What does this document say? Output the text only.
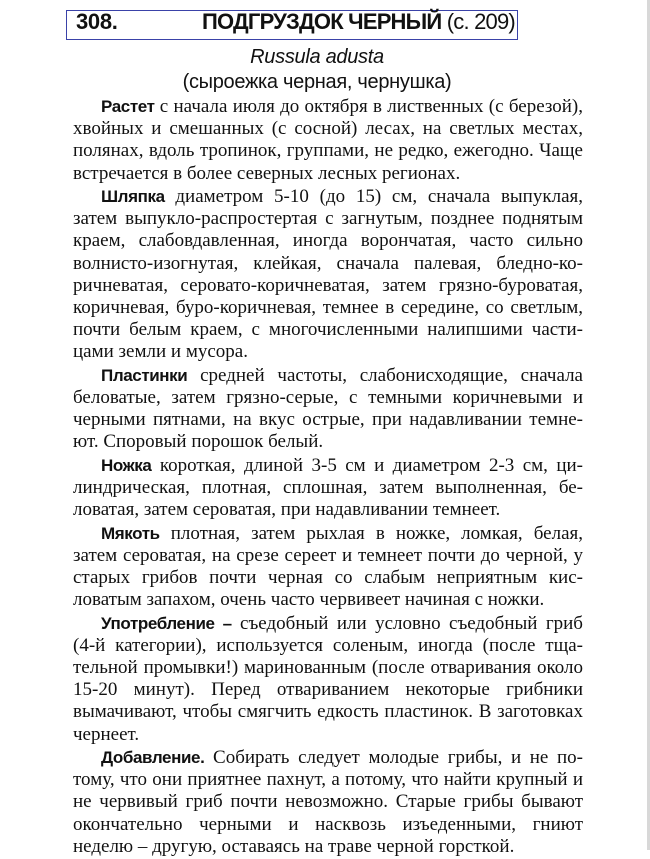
308.	ПОДГРУЗДОК ЧЕРНЫЙ (с. 209)
Russula adusta
(сыроежка черная, чернушка)

Растет с начала июля до октября в лиственных (с березой), хвойных и смешанных (с сосной) лесах, на светлых местах, полянах, вдоль тропинок, группами, не редко, ежегодно. Чаще встречается в более северных лесных регионах.

Шляпка диаметром 5-10 (до 15) см, сначала выпуклая, затем выпукло-распростертая с загнутым, позднее поднятым краем, слабовдавленная, иногда ворончатая, часто сильно волнисто-изогнутая, клейкая, сначала палевая, бледно-коричневатая, серовато-коричневатая, затем грязно-буроватая, коричневая, буро-коричневая, темнее в середине, со светлым, почти белым краем, с многочисленными налипшими частицами земли и мусора.

Пластинки средней частоты, слабонисходящие, сначала беловатые, затем грязно-серые, с темными коричневыми и черными пятнами, на вкус острые, при надавливании темнеют. Споровый порошок белый.

Ножка короткая, длиной 3-5 см и диаметром 2-3 см, цилиндрическая, плотная, сплошная, затем выполненная, беловатая, затем сероватая, при надавливании темнеет.

Мякоть плотная, затем рыхлая в ножке, ломкая, белая, затем сероватая, на срезе сереет и темнеет почти до черной, у старых грибов почти черная со слабым неприятным кисловатым запахом, очень часто червивеет начиная с ножки.

Употребление – съедобный или условно съедобный гриб (4-й категории), используется соленым, иногда (после тщательной промывки!) маринованным (после отваривания около 15-20 минут). Перед отвариванием некоторые грибники вымачивают, чтобы смягчить едкость пластинок. В заготовках чернеет.

Добавление. Собирать следует молодые грибы, и не потому, что они приятнее пахнут, а потому, что найти крупный и не червивый гриб почти невозможно. Старые грибы бывают окончательно черными и насквозь изъеденными, гниют неделю – другую, оставаясь на траве черной горсткой.
